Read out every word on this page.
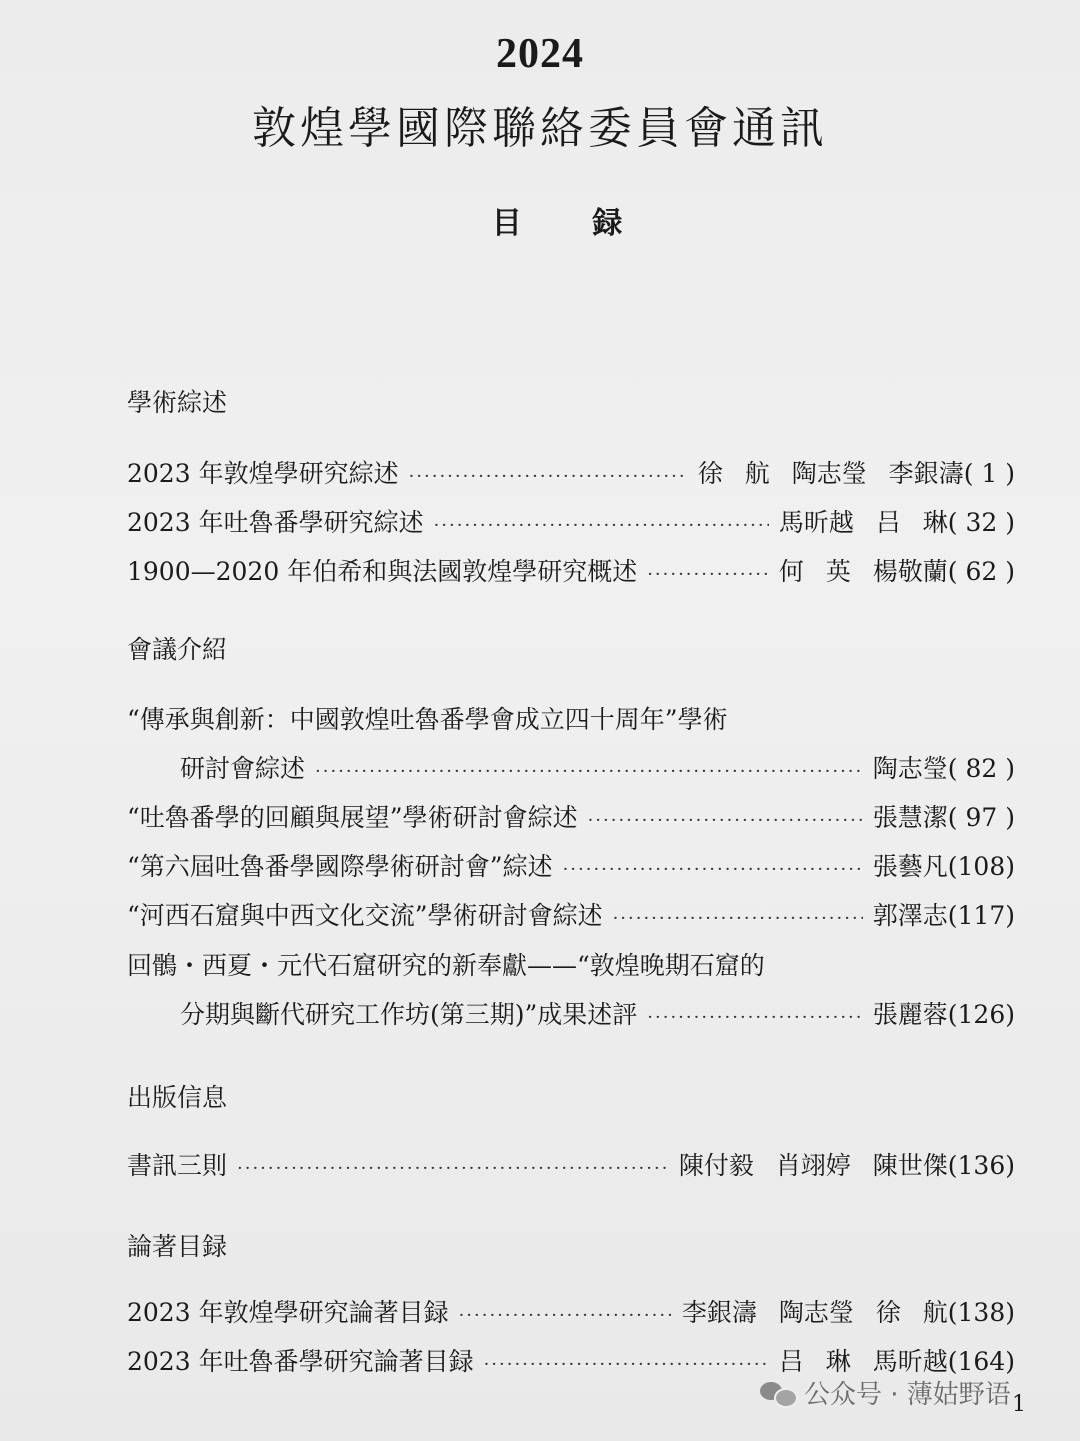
2024
敦煌學國際聯絡委員會通訊
目 録
學術綜述
2023 年敦煌學研究綜述 ·····	徐 航 陶志瑩 李銀濤 ( 1 )
2023 年吐魯番學研究綜述 ·····	馬昕越 吕 琳 ( 32 )
1900—2020 年伯希和與法國敦煌學研究概述 ·····	何 英 楊敬蘭 ( 62 )
會議介紹
“傳承與創新：中國敦煌吐魯番學會成立四十周年”學術
研討會綜述 ·····	陶志瑩 ( 82 )
“吐魯番學的回顧與展望”學術研討會綜述 ·····	張慧潔 ( 97 )
“第六屆吐魯番學國際學術研討會”綜述 ·····	張藝凡 (108)
“河西石窟與中西文化交流”學術研討會綜述 ·····	郭澤志 (117)
回鶻・西夏・元代石窟研究的新奉獻——“敦煌晚期石窟的
分期與斷代研究工作坊(第三期)”成果述評 ·····	張麗蓉 (126)
出版信息
書訊三則 ·····	陳付毅 肖翊婷 陳世傑 (136)
論著目録
2023 年敦煌學研究論著目録 ·····	李銀濤 陶志瑩 徐 航 (138)
2023 年吐魯番學研究論著目録 ·····	吕 琳 馬昕越 (164)
公众号 · 薄姑野语 1
